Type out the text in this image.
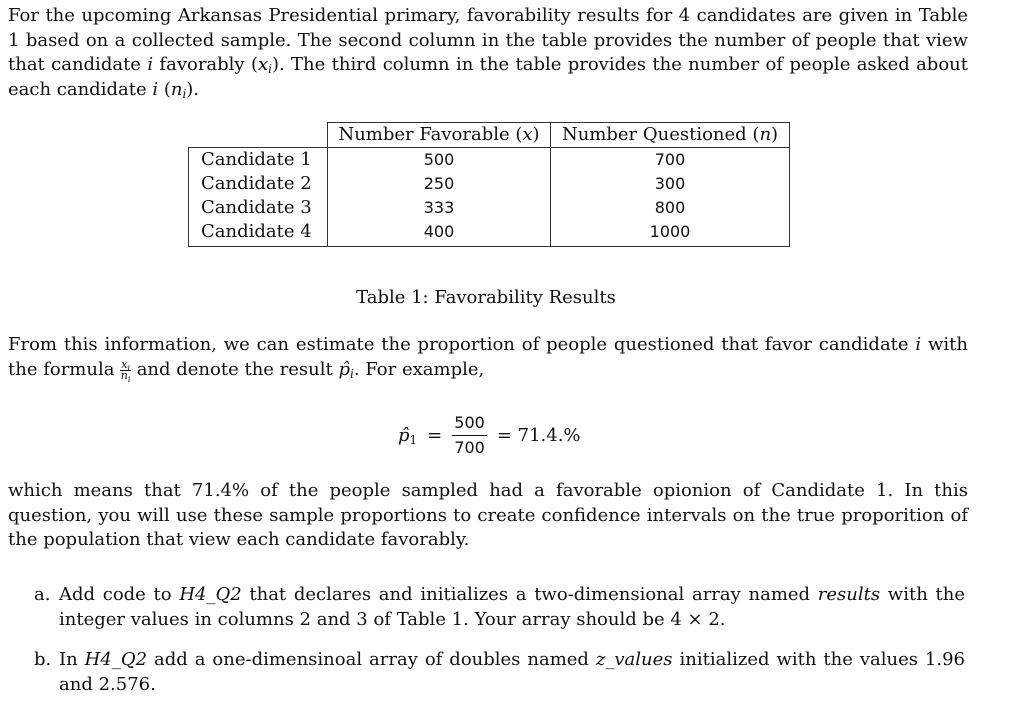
For the upcoming Arkansas Presidential primary, favorability results for 4 candidates are given in Table 1 based on a collected sample. The second column in the table provides the number of people that view that candidate i favorably $(x_i)$. The third column in the table provides the number of people asked about each candidate i $(n_i)$.

	Number Favorable (x)	Number Questioned (n)
Candidate 1	500	700
Candidate 2	250	300
Candidate 3	333	800
Candidate 4	400	1000
Table 1: Favorability Results

From this information, we can estimate the proportion of people questioned that favor candidate i with the formula $\frac{x_i}{n_i}$ and denote the result $p̂_i$. For example,

$p̂_1 = \frac{500}{700} = 71.4.\%$

which means that 71.4% of the people sampled had a favorable opionion of Candidate 1. In this question, you will use these sample proportions to create confidence intervals on the true proporition of the population that view each candidate favorably.

a. Add code to H4_Q2 that declares and initializes a two-dimensional array named results with the integer values in columns 2 and 3 of Table 1. Your array should be 4 × 2.
b. In H4_Q2 add a one-dimensinoal array of doubles named z_values initialized with the values 1.96 and 2.576.
